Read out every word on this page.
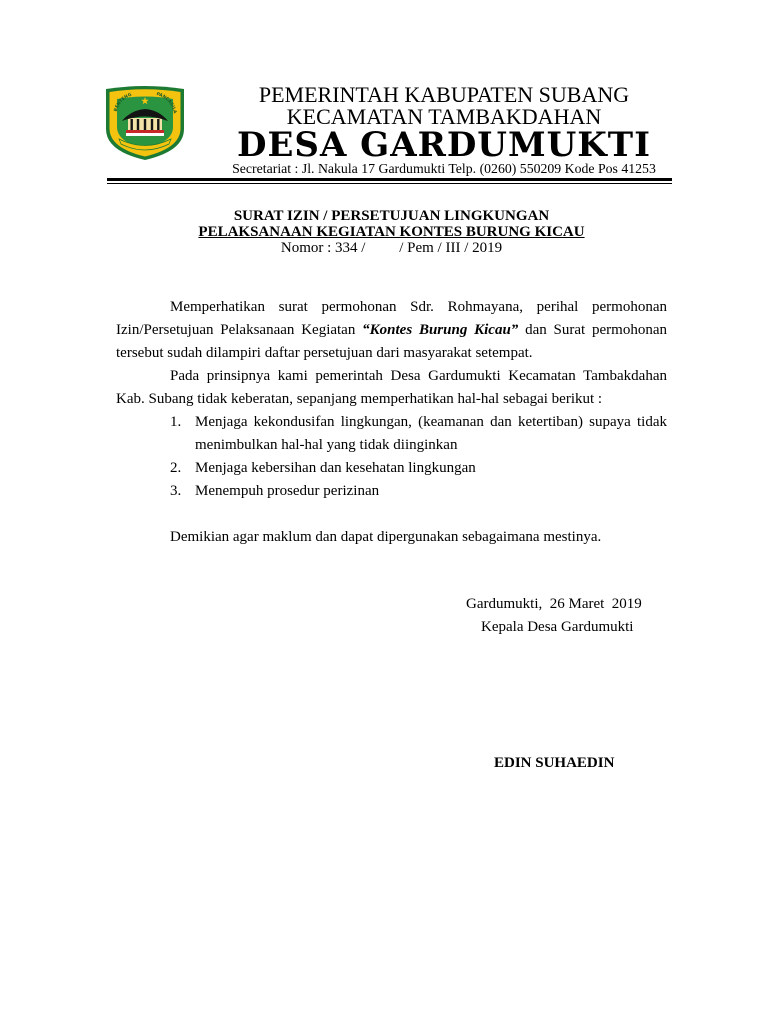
BENTENG	PANCASILA
PEMERINTAH KABUPATEN SUBANG
KECAMATAN TAMBAKDAHAN
DESA GARDUMUKTI
Secretariat : Jl. Nakula 17 Gardumukti Telp. (0260) 550209 Kode Pos 41253
SURAT IZIN / PERSETUJUAN LINGKUNGAN
PELAKSANAAN KEGIATAN KONTES BURUNG KICAU
Nomor : 334 /         / Pem / III / 2019
Memperhatikan surat permohonan Sdr. Rohmayana, perihal permohonan
Izin/Persetujuan Pelaksanaan Kegiatan “Kontes Burung Kicau” dan Surat permohonan
tersebut sudah dilampiri daftar persetujuan dari masyarakat setempat.
Pada prinsipnya kami pemerintah Desa Gardumukti Kecamatan Tambakdahan
Kab. Subang tidak keberatan, sepanjang memperhatikan hal-hal sebagai berikut :
1. Menjaga kekondusifan lingkungan, (keamanan dan ketertiban) supaya tidak
menimbulkan hal-hal yang tidak diinginkan
2. Menjaga kebersihan dan kesehatan lingkungan
3. Menempuh prosedur perizinan
Demikian agar maklum dan dapat dipergunakan sebagaimana mestinya.
Gardumukti,  26 Maret  2019
Kepala Desa Gardumukti
EDIN SUHAEDIN
